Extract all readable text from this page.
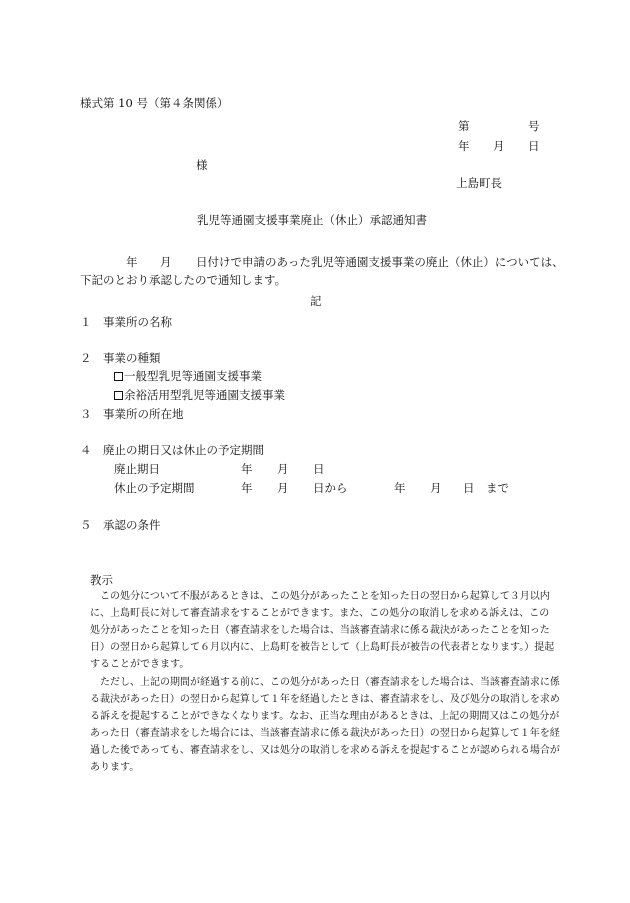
様式第 10 号（第４条関係）
第	号
年 月 日
様
上島町長
乳児等通園支援事業廃止（休止）承認通知書
年 月 日付けで申請のあった乳児等通園支援事業の廃止（休止）については、
下記のとおり承認したので通知します。
記
１　事業所の名称
２　事業の種類
一般型乳児等通園支援事業
余裕活用型乳児等通園支援事業
３　事業所の所在地
４　廃止の期日又は休止の予定期間
廃止期日	年 月 日
休止の予定期間	年 月 日から	年 月 日　まで
５　承認の条件
教示
　この処分について不服があるときは、この処分があったことを知った日の翌日から起算して３月以内
に、上島町長に対して審査請求をすることができます。また、この処分の取消しを求める訴えは、この
処分があったことを知った日（審査請求をした場合は、当該審査請求に係る裁決があったことを知った
日）の翌日から起算して６月以内に、上島町を被告として（上島町長が被告の代表者となります。）提起
することができます。
　ただし、上記の期間が経過する前に、この処分があった日（審査請求をした場合は、当該審査請求に係
る裁決があった日）の翌日から起算して１年を経過したときは、審査請求をし、及び処分の取消しを求め
る訴えを提起することができなくなります。なお、正当な理由があるときは、上記の期間又はこの処分が
あった日（審査請求をした場合には、当該審査請求に係る裁決があった日）の翌日から起算して１年を経
過した後であっても、審査請求をし、又は処分の取消しを求める訴えを提起することが認められる場合が
あります。
